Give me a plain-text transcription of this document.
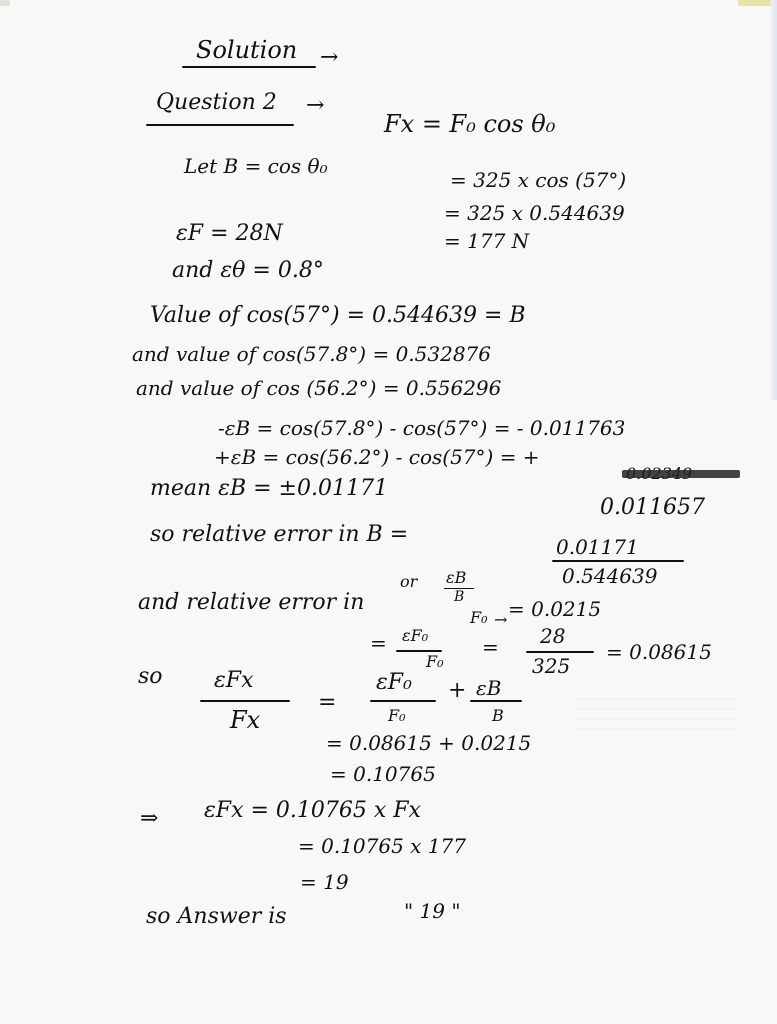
Solution →
Question 2 →
Fx = F₀ cos θ₀
Let B = cos θ₀
= 325 x cos (57°)
= 325 x 0.544639
εF = 28N	= 177 N
and εθ = 0.8°
Value of cos(57°) = 0.544639 = B
and value of cos(57.8°) = 0.532876
and value of cos (56.2°) = 0.556296
-εB = cos(57.8°) - cos(57°) = - 0.011763
+εB = cos(56.2°) - cos(57°) = +
0.011657
mean εB = ±0.01171
so relative error in B =	0.01171
0.544639
or εB
B
and relative error in
F₀ → = 0.0215
= εF₀
F₀
= 28
325
= 0.08615
so εFx
Fx
=
εF₀
F₀
+ εB
B
= 0.08615 + 0.0215
= 0.10765
⇒ εFx = 0.10765 x Fx
= 0.10765 x 177
= 19
so Answer is	" 19 "
